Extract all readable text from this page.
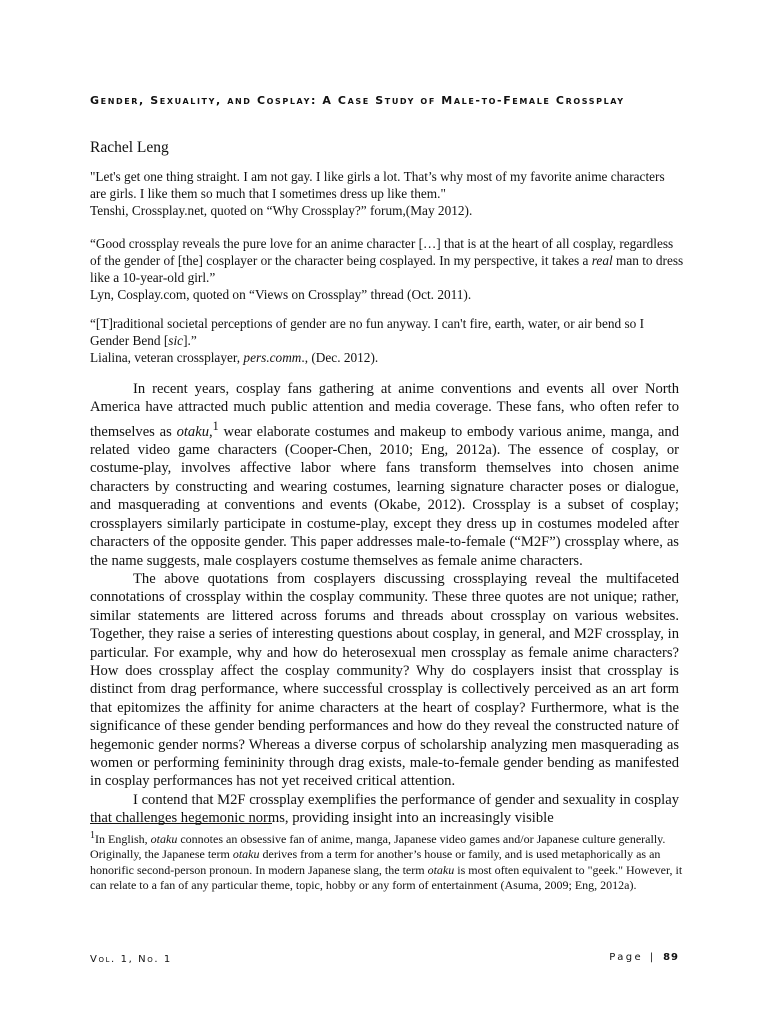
Gender, Sexuality, and Cosplay: A Case Study of Male-to-Female Crossplay
Rachel Leng
"Let's get one thing straight. I am not gay. I like girls a lot. That’s why most of my favorite anime characters are girls. I like them so much that I sometimes dress up like them."
Tenshi, Crossplay.net, quoted on “Why Crossplay?” forum,(May 2012).
“Good crossplay reveals the pure love for an anime character […] that is at the heart of all cosplay, regardless of the gender of [the] cosplayer or the character being cosplayed. In my perspective, it takes a real man to dress like a 10-year-old girl.”
Lyn, Cosplay.com, quoted on “Views on Crossplay” thread (Oct. 2011).
“[T]raditional societal perceptions of gender are no fun anyway. I can't fire, earth, water, or air bend so I Gender Bend [sic].”
Lialina, veteran crossplayer, pers.comm., (Dec. 2012).

In recent years, cosplay fans gathering at anime conventions and events all over North America have attracted much public attention and media coverage. These fans, who often refer to themselves as otaku,$^1$ wear elaborate costumes and makeup to embody various anime, manga, and related video game characters (Cooper-Chen, 2010; Eng, 2012a). The essence of cosplay, or costume-play, involves affective labor where fans transform themselves into chosen anime characters by constructing and wearing costumes, learning signature character poses or dialogue, and masquerading at conventions and events (Okabe, 2012). Crossplay is a subset of cosplay; crossplayers similarly participate in costume-play, except they dress up in costumes modeled after characters of the opposite gender. This paper addresses male-to-female (“M2F”) crossplay where, as the name suggests, male cosplayers costume themselves as female anime characters.

The above quotations from cosplayers discussing crossplaying reveal the multifaceted connotations of crossplay within the cosplay community. These three quotes are not unique; rather, similar statements are littered across forums and threads about crossplay on various websites. Together, they raise a series of interesting questions about cosplay, in general, and M2F crossplay, in particular. For example, why and how do heterosexual men crossplay as female anime characters? How does crossplay affect the cosplay community? Why do cosplayers insist that crossplay is distinct from drag performance, where successful crossplay is collectively perceived as an art form that epitomizes the affinity for anime characters at the heart of cosplay? Furthermore, what is the significance of these gender bending performances and how do they reveal the constructed nature of hegemonic gender norms? Whereas a diverse corpus of scholarship analyzing men masquerading as women or performing femininity through drag exists, male-to-female gender bending as manifested in cosplay performances has not yet received critical attention.

I contend that M2F crossplay exemplifies the performance of gender and sexuality in cosplay that challenges hegemonic norms, providing insight into an increasingly visible

$^1$In English, otaku connotes an obsessive fan of anime, manga, Japanese video games and/or Japanese culture generally. Originally, the Japanese term otaku derives from a term for another’s house or family, and is used metaphorically as an honorific second-person pronoun. In modern Japanese slang, the term otaku is most often equivalent to "geek." However, it can relate to a fan of any particular theme, topic, hobby or any form of entertainment (Asuma, 2009; Eng, 2012a).
Vol. 1, No. 1	Page | 89
